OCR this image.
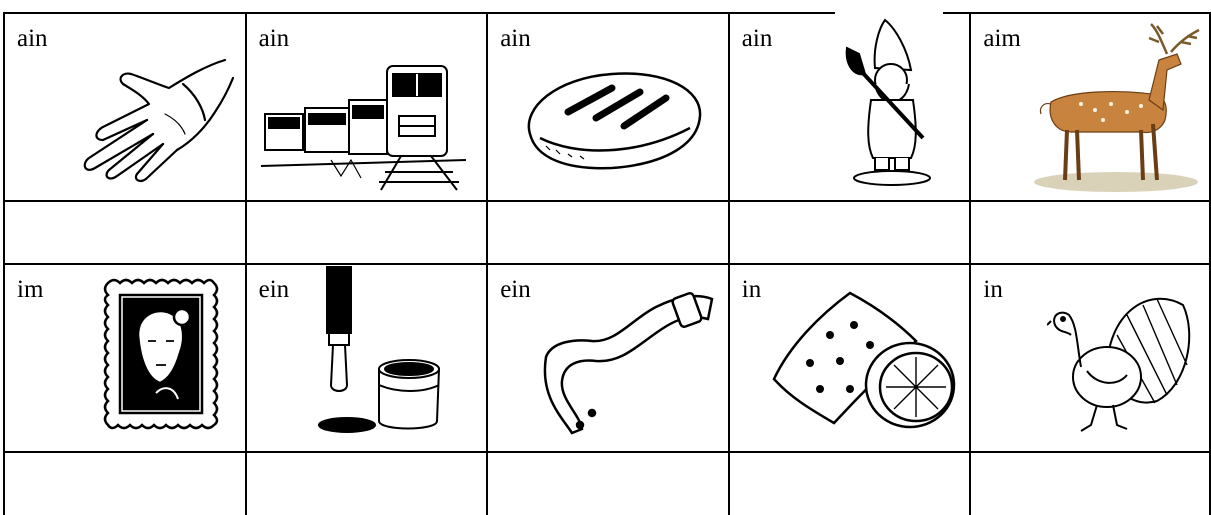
ain	ain	ain	ain	aim

im	ein	ein	in	in
